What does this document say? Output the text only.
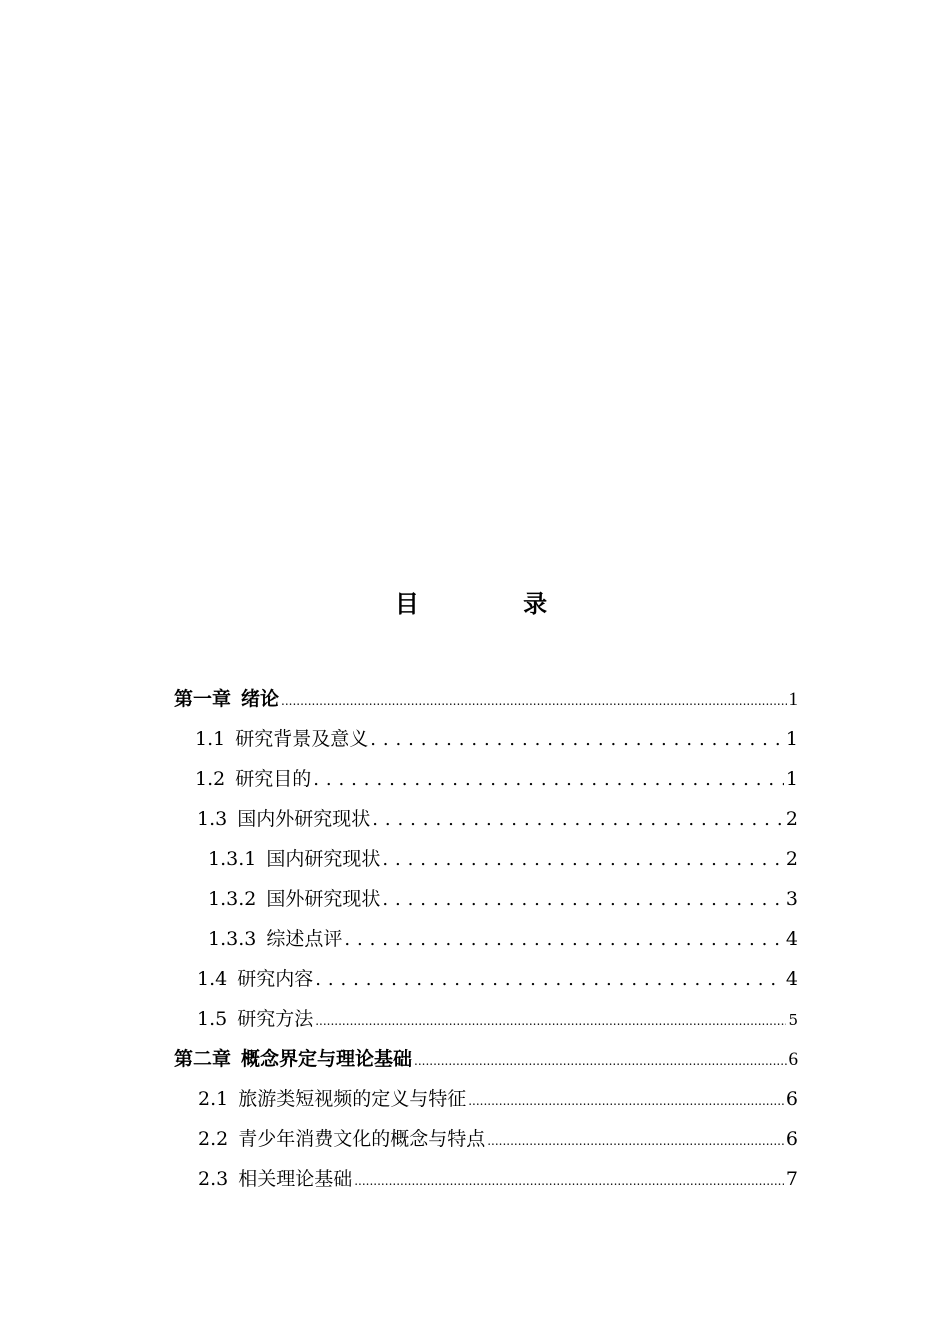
目 录
第一章 绪论 .....	1
1.1 研究背景及意义 . . .	1
1.2 研究目的 . . .	1
1.3 国内外研究现状 . . .	2
1.3.1 国内研究现状 . . .	2
1.3.2 国外研究现状 . . .	3
1.3.3 综述点评 . . .	4
1.4 研究内容 . . .	4
1.5 研究方法 .....	5
第二章 概念界定与理论基础 .....	6
2.1 旅游类短视频的定义与特征 .....	6
2.2 青少年消费文化的概念与特点 .....	6
2.3 相关理论基础 .....	7
